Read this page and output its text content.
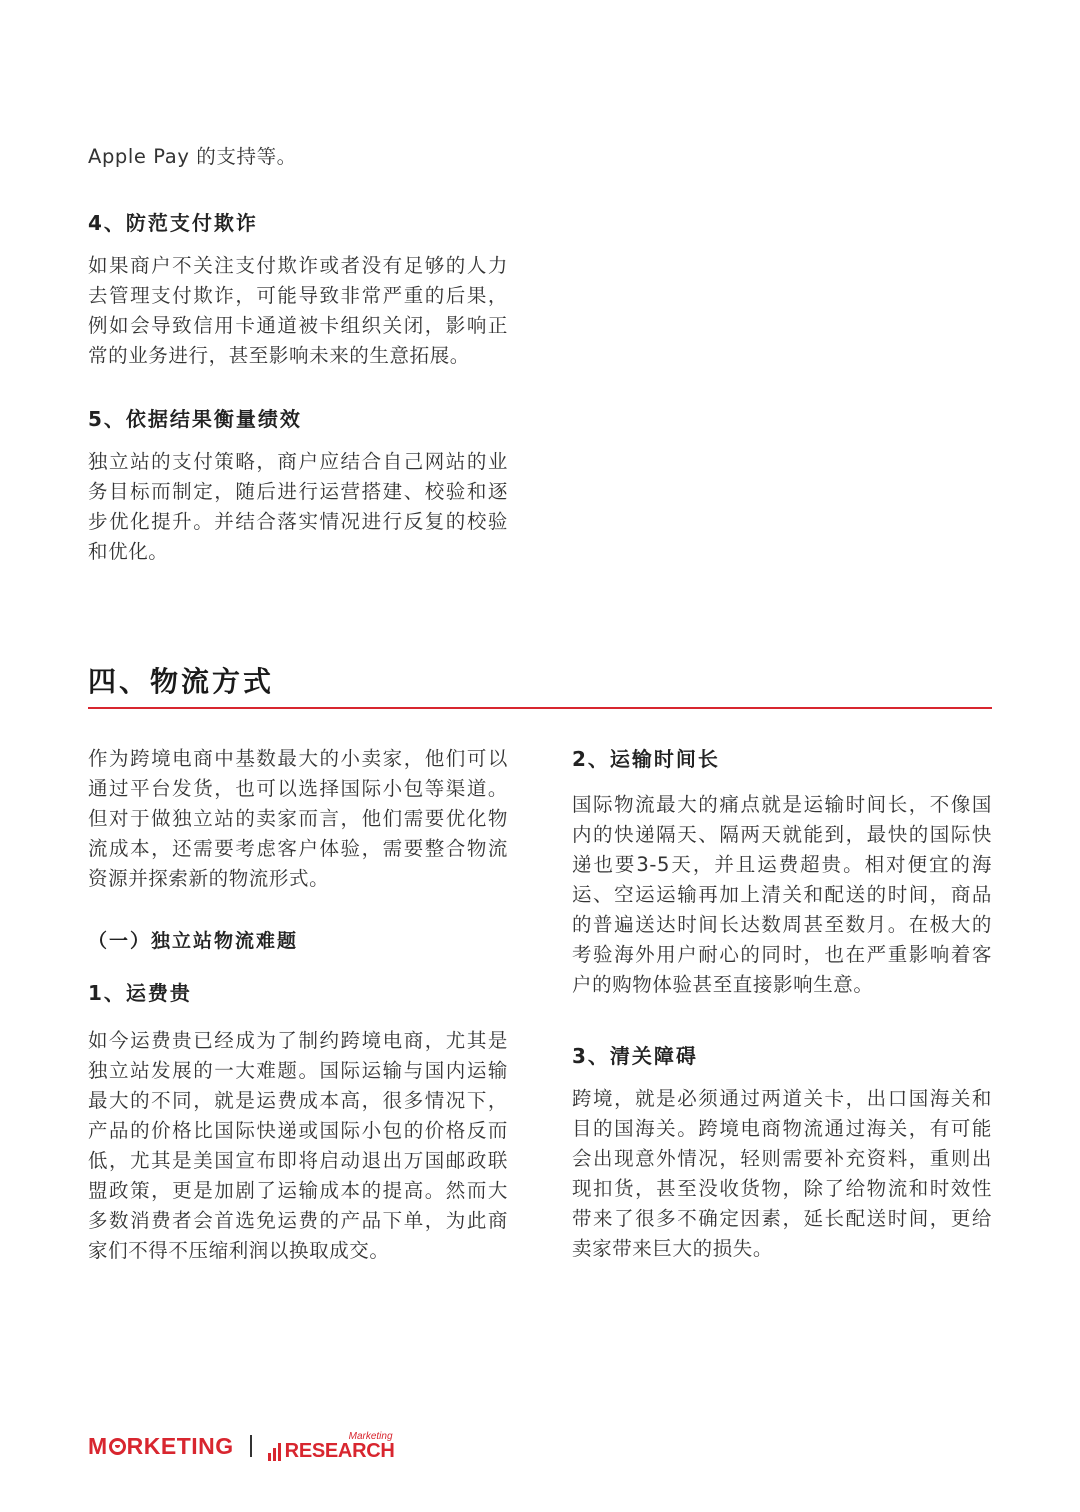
Apple Pay 的支持等。

4、防范支付欺诈

如果商户不关注支付欺诈或者没有足够的人力去管理支付欺诈，可能导致非常严重的后果，例如会导致信用卡通道被卡组织关闭，影响正常的业务进行，甚至影响未来的生意拓展。

5、依据结果衡量绩效

独立站的支付策略，商户应结合自己网站的业务目标而制定，随后进行运营搭建、校验和逐步优化提升。并结合落实情况进行反复的校验和优化。

四、物流方式

作为跨境电商中基数最大的小卖家，他们可以通过平台发货，也可以选择国际小包等渠道。但对于做独立站的卖家而言，他们需要优化物流成本，还需要考虑客户体验，需要整合物流资源并探索新的物流形式。

（一）独立站物流难题
1、运费贵

如今运费贵已经成为了制约跨境电商，尤其是独立站发展的一大难题。国际运输与国内运输最大的不同，就是运费成本高，很多情况下，产品的价格比国际快递或国际小包的价格反而低，尤其是美国宣布即将启动退出万国邮政联盟政策，更是加剧了运输成本的提高。然而大多数消费者会首选免运费的产品下单，为此商家们不得不压缩利润以换取成交。

2、运输时间长

国际物流最大的痛点就是运输时间长，不像国内的快递隔天、隔两天就能到，最快的国际快递也要3-5天，并且运费超贵。相对便宜的海运、空运运输再加上清关和配送的时间，商品的普遍送达时间长达数周甚至数月。在极大的考验海外用户耐心的同时，也在严重影响着客户的购物体验甚至直接影响生意。

3、清关障碍

跨境，就是必须通过两道关卡，出口国海关和目的国海关。跨境电商物流通过海关，有可能会出现意外情况，轻则需要补充资料，重则出现扣货，甚至没收货物，除了给物流和时效性带来了很多不确定因素，延长配送时间，更给卖家带来巨大的损失。

M RKETING	RESEARCH
Marketing
